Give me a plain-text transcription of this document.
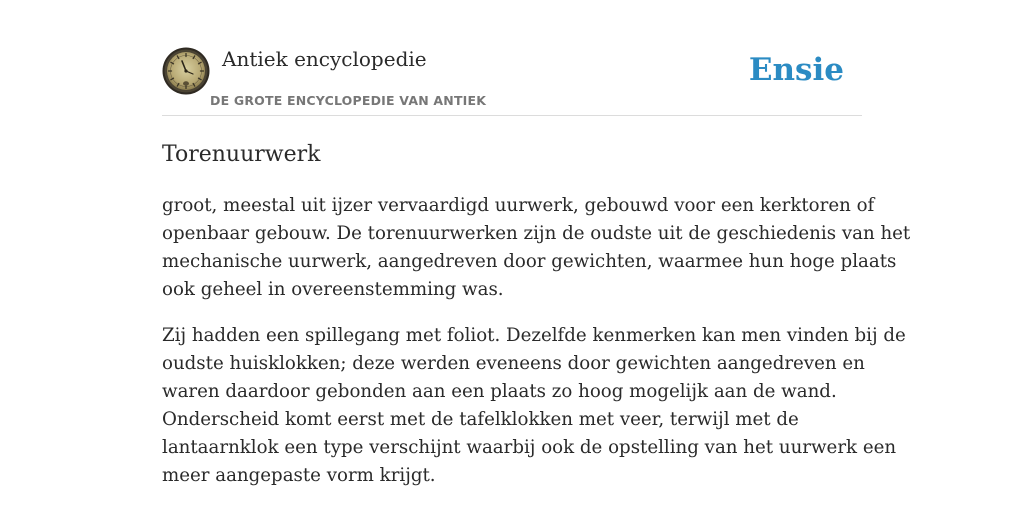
Antiek encyclopedie
DE GROTE ENCYCLOPEDIE VAN ANTIEK
Ensie
Torenuurwerk

groot, meestal uit ijzer vervaardigd uurwerk, gebouwd voor een kerktoren of
openbaar gebouw. De torenuurwerken zijn de oudste uit de geschiedenis van het
mechanische uurwerk, aangedreven door gewichten, waarmee hun hoge plaats
ook geheel in overeenstemming was.

Zij hadden een spillegang met foliot. Dezelfde kenmerken kan men vinden bij de
oudste huisklokken; deze werden eveneens door gewichten aangedreven en
waren daardoor gebonden aan een plaats zo hoog mogelijk aan de wand.
Onderscheid komt eerst met de tafelklokken met veer, terwijl met de
lantaarnklok een type verschijnt waarbij ook de opstelling van het uurwerk een
meer aangepaste vorm krijgt.
